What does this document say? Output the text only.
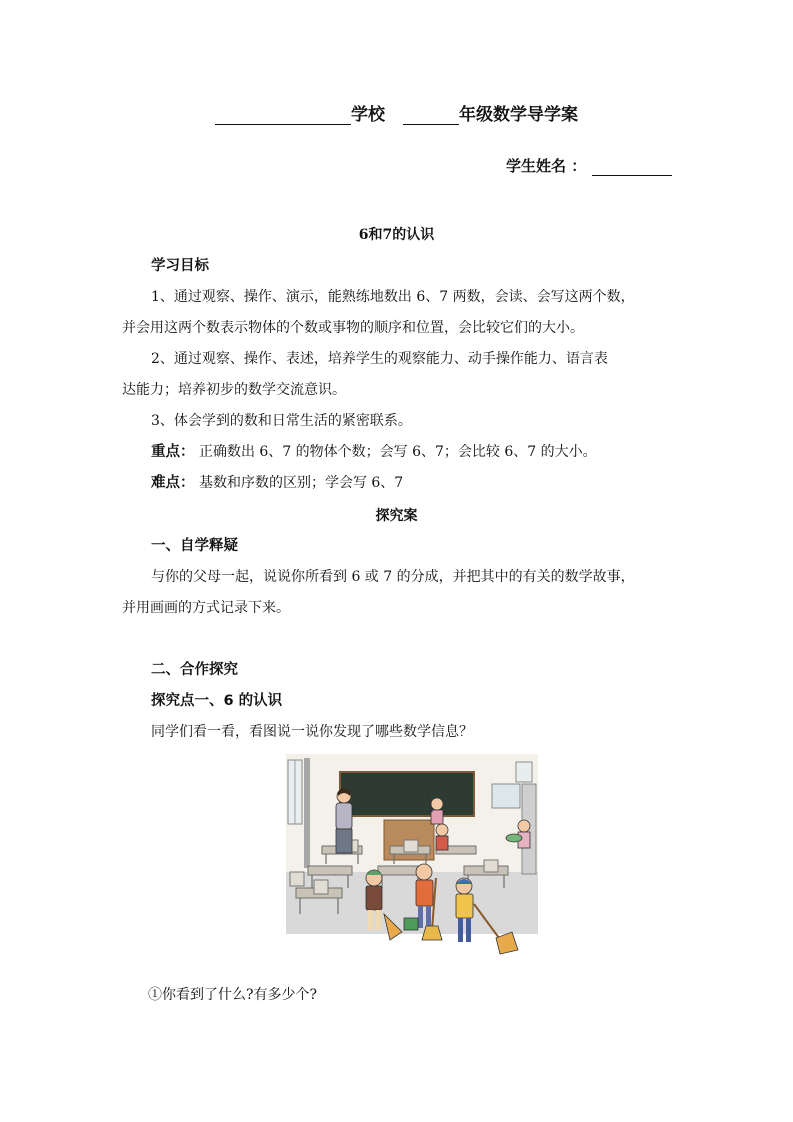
学校	年级数学导学案
学生姓名 ：
6和7的认识
学习目标
1、通过观察、操作、演示，能熟练地数出 6、7 两数，会读、会写这两个数，
并会用这两个数表示物体的个数或事物的顺序和位置，会比较它们的大小。
2、通过观察、操作、表述，培养学生的观察能力、动手操作能力、语言表
达能力；培养初步的数学交流意识。
3、体会学到的数和日常生活的紧密联系。
重点： 正确数出 6、7 的物体个数；会写 6、7；会比较 6、7 的大小。
难点： 基数和序数的区别；学会写 6、7
探究案
一、自学释疑
与你的父母一起，说说你所看到 6 或 7 的分成，并把其中的有关的数学故事，
并用画画的方式记录下来。
二、合作探究
探究点一、6 的认识
同学们看一看，看图说一说你发现了哪些数学信息？
①你看到了什么?有多少个?
